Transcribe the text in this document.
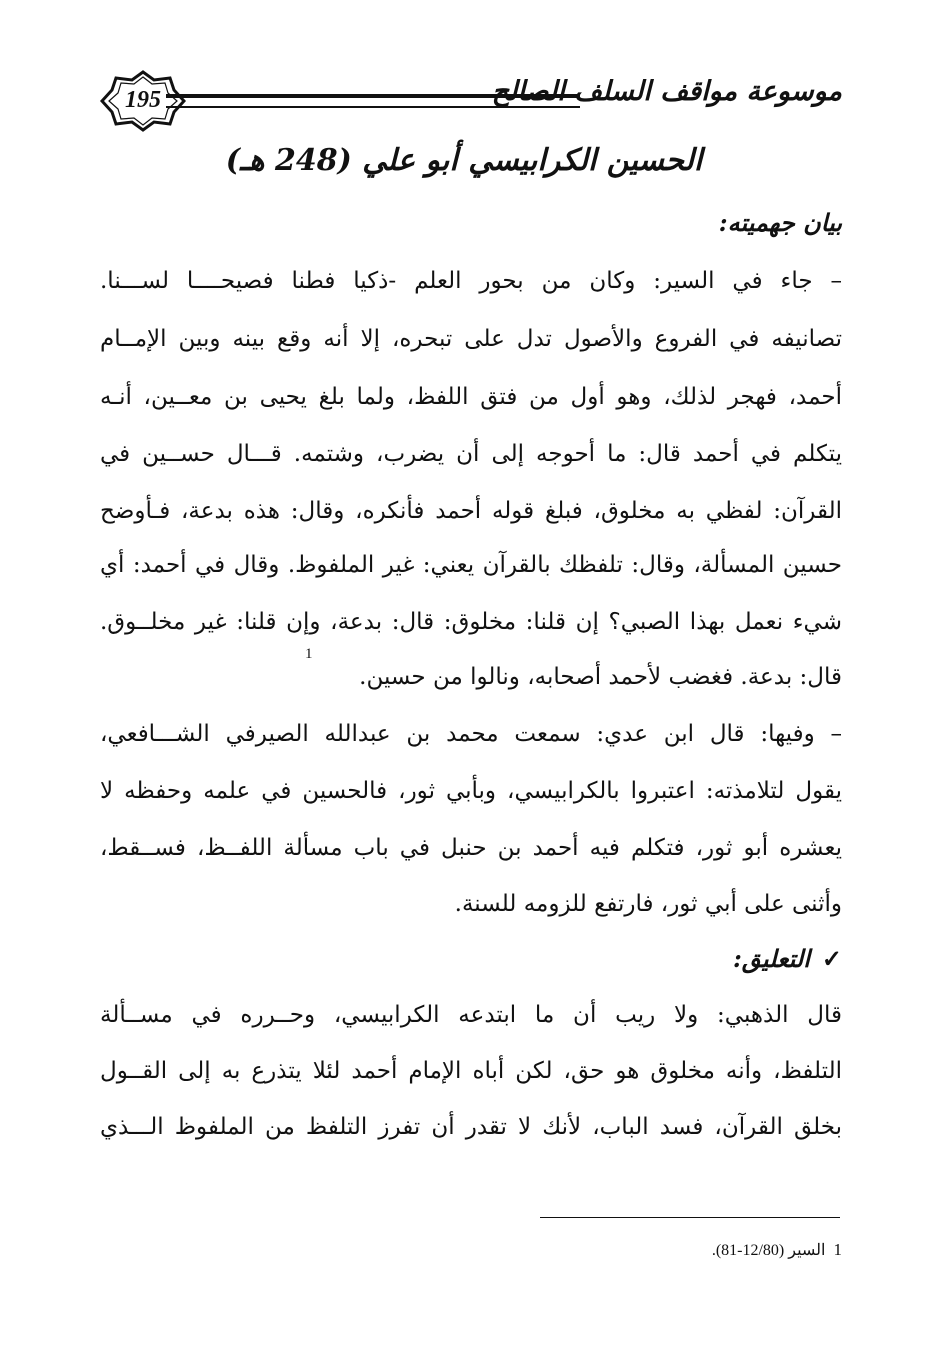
195	موسوعة مواقف السلف الصالح
الحسين الكرابيسي أبو علي (248 هـ)
بيان جهميته:
– جاء في السير: وكان من بحور العلم -ذكيا فطنا فصيحــــا لســـنا.
تصانيفه في الفروع والأصول تدل على تبحره، إلا أنه وقع بينه وبين الإمــام
أحمد، فهجر لذلك، وهو أول من فتق اللفظ، ولما بلغ يحيى بن معــين، أنـه
يتكلم في أحمد قال: ما أحوجه إلى أن يضرب، وشتمه. قـــال حســين في
القرآن: لفظي به مخلوق، فبلغ قوله أحمد فأنكره، وقال: هذه بدعة، فـأوضح
حسين المسألة، وقال: تلفظك بالقرآن يعني: غير الملفوظ. وقال في أحمد: أي
شيء نعمل بهذا الصبي؟ إن قلنا: مخلوق: قال: بدعة، وإن قلنا: غير مخلــوق.
قال: بدعة. فغضب لأحمد أصحابه، ونالوا من حسين.
1
– وفيها: قال ابن عدي: سمعت محمد بن عبدالله الصيرفي الشـــافعي،
يقول لتلامذته: اعتبروا بالكرابيسي، وبأبي ثور، فالحسين في علمه وحفظه لا
يعشره أبو ثور، فتكلم فيه أحمد بن حنبل في باب مسألة اللفــظ، فســقط،
وأثنى على أبي ثور، فارتفع للزومه للسنة.
✓التعليق:
قال الذهبي: ولا ريب أن ما ابتدعه الكرابيسي، وحــرره في مســألة
التلفظ، وأنه مخلوق هو حق، لكن أباه الإمام أحمد لئلا يتذرع به إلى القــول
بخلق القرآن، فسد الباب، لأنك لا تقدر أن تفرز التلفظ من الملفوظ الـــذي
1 السير (12/80-81).
